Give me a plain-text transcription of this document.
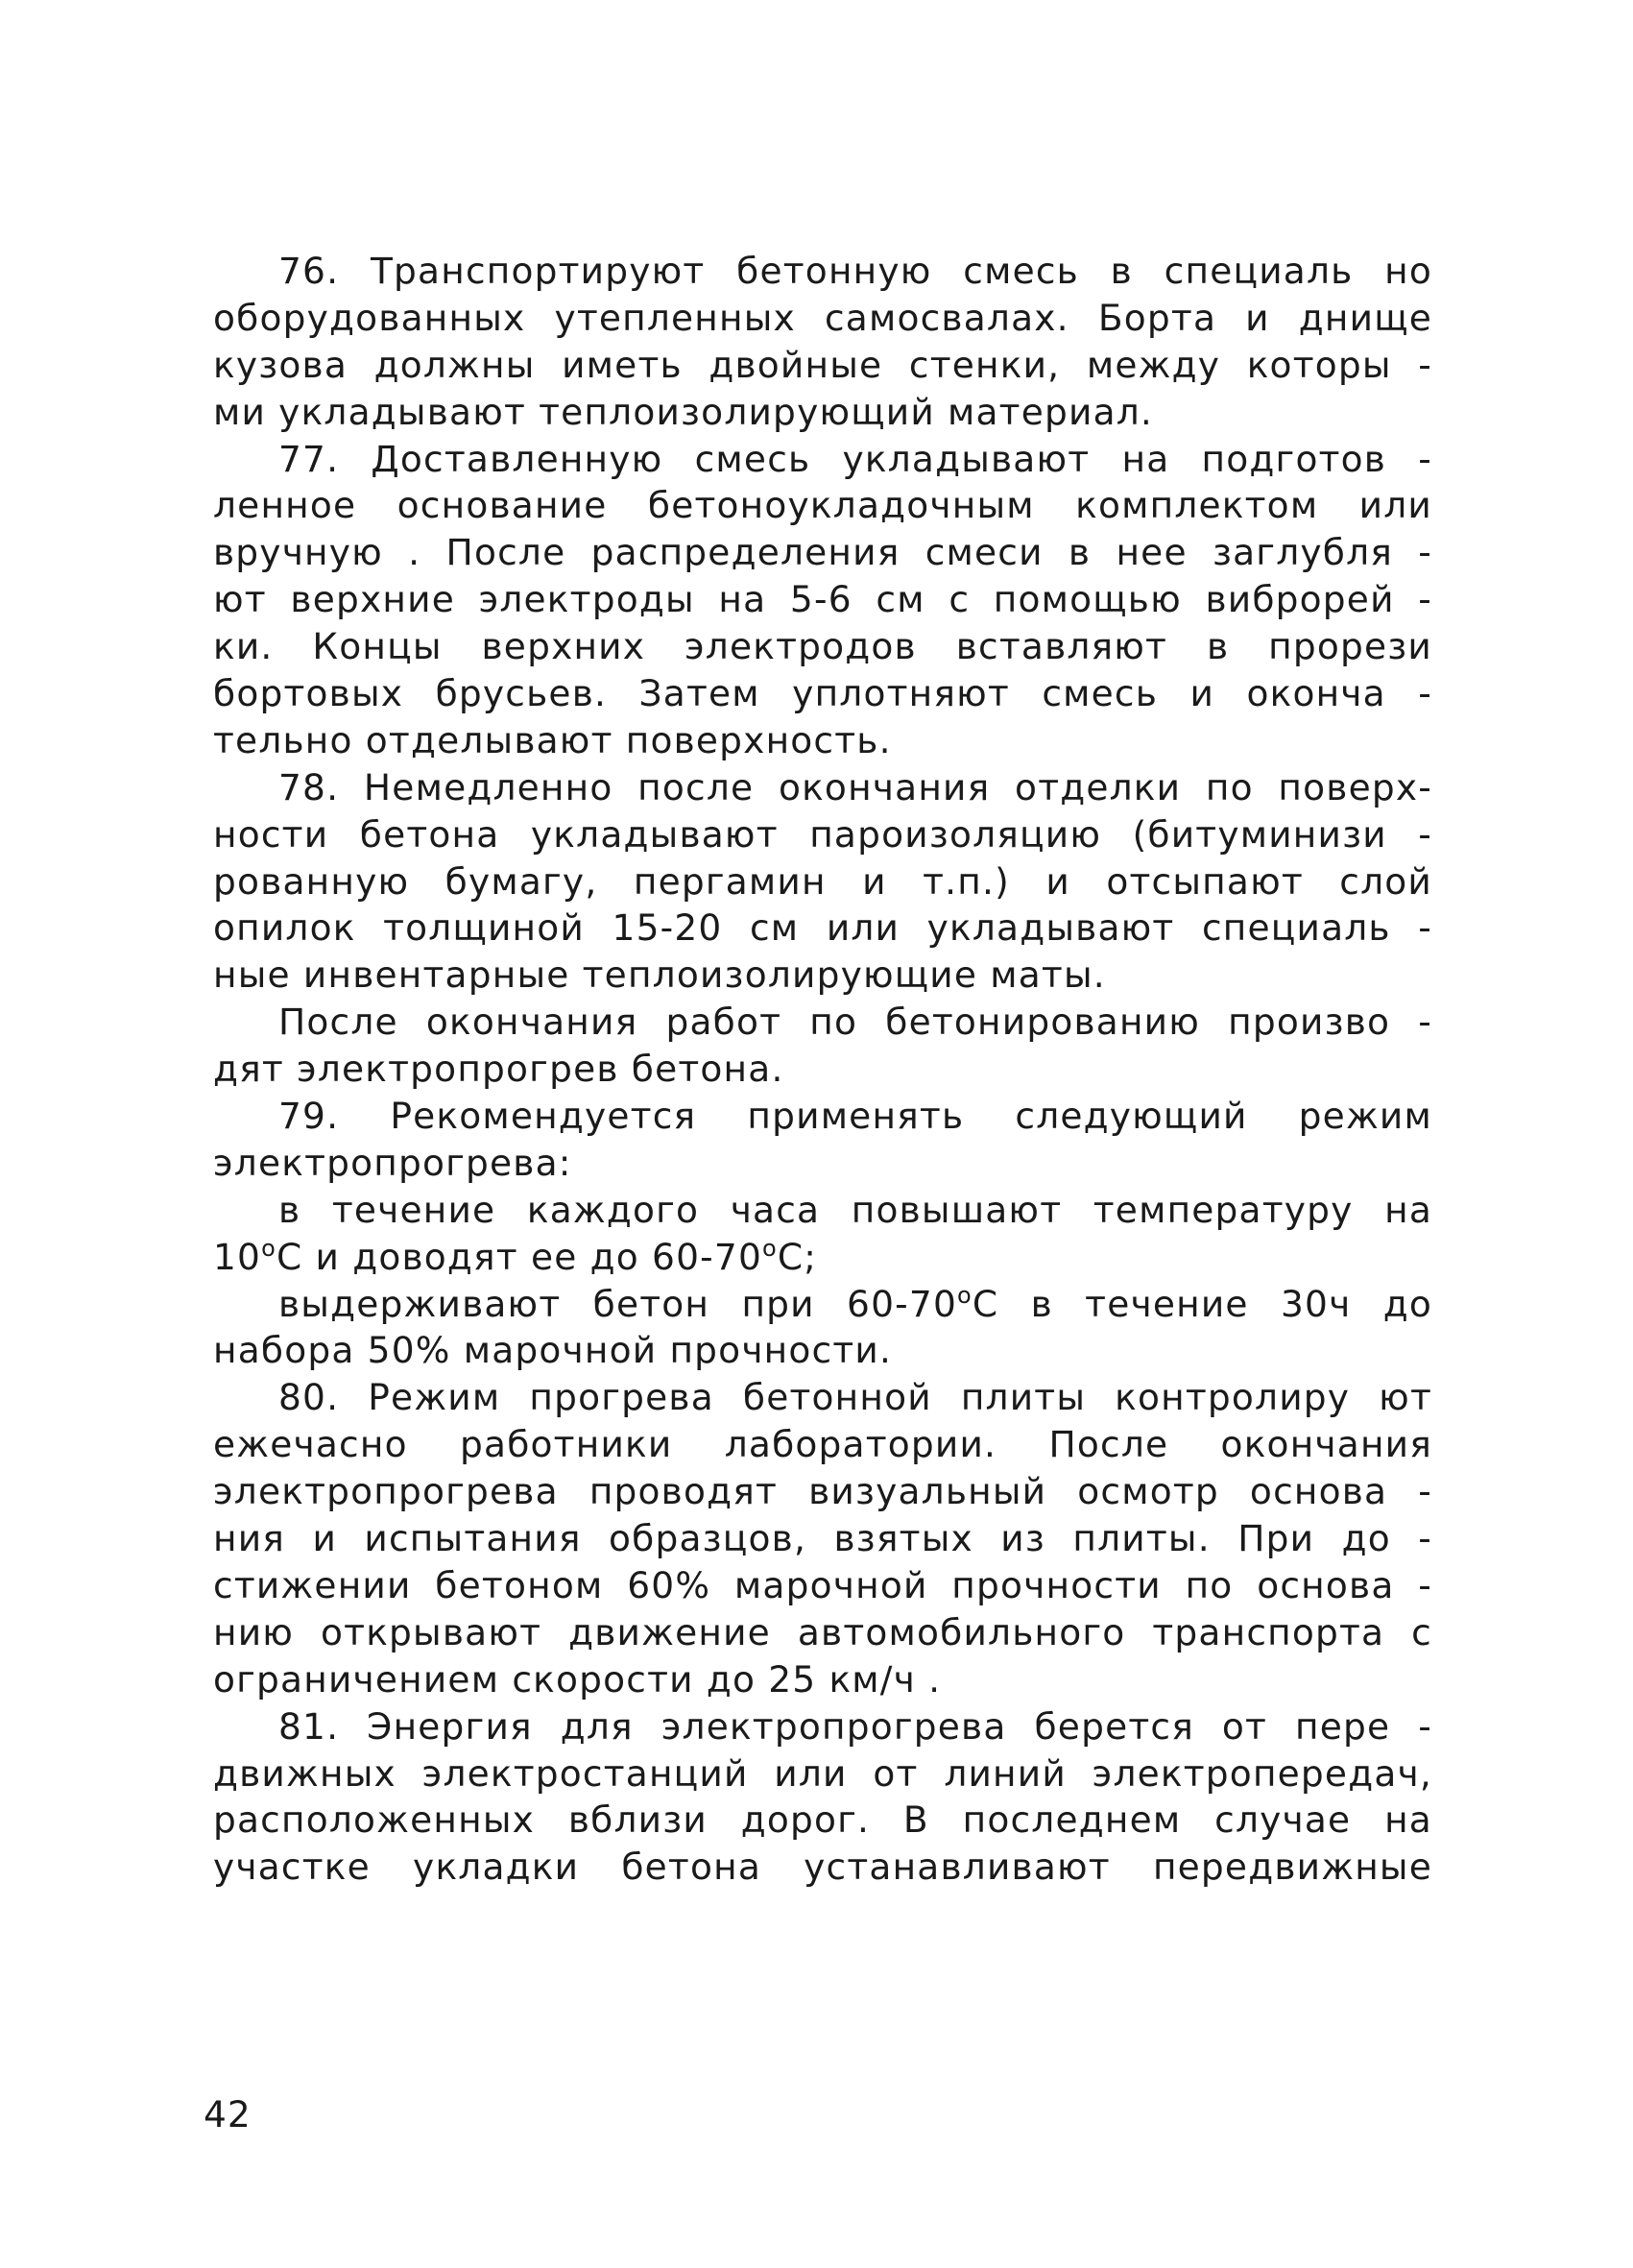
76. Транспортируют бетонную смесь в специаль но
оборудованных утепленных самосвалах. Борта и днище
кузова должны иметь двойные стенки, между которы -
ми укладывают теплоизолирующий материал.
77. Доставленную смесь укладывают на подготов -
ленное основание бетоноукладочным комплектом или
вручную . После распределения смеси в нее заглубля -
ют верхние электроды на 5-6 см с помощью виброрей -
ки. Концы верхних электродов вставляют в прорези
бортовых брусьев. Затем уплотняют смесь и оконча -
тельно отделывают поверхность.
78. Немедленно после окончания отделки по поверх-
ности бетона укладывают пароизоляцию (битуминизи -
рованную бумагу, пергамин и т.п.) и отсыпают слой
опилок толщиной 15-20 см или укладывают специаль -
ные инвентарные теплоизолирующие маты.
После окончания работ по бетонированию произво -
дят электропрогрев бетона.
79. Рекомендуется применять следующий режим
электропрогрева:
в течение каждого часа повышают температуру на
$10^оС$ и доводят ее до $60-70^оС$;
выдерживают бетон при $60-70^оС$ в течение 30ч до
набора 50% марочной прочности.
80. Режим прогрева бетонной плиты контролиру ют
ежечасно работники лаборатории. После окончания
электропрогрева проводят визуальный осмотр основа -
ния и испытания образцов, взятых из плиты. При до -
стижении бетоном 60% марочной прочности по основа -
нию открывают движение автомобильного транспорта с
ограничением скорости до 25 км/ч .
81. Энергия для электропрогрева берется от пере -
движных электростанций или от линий электропередач,
расположенных вблизи дорог. В последнем случае на
участке укладки бетона устанавливают передвижные
42
